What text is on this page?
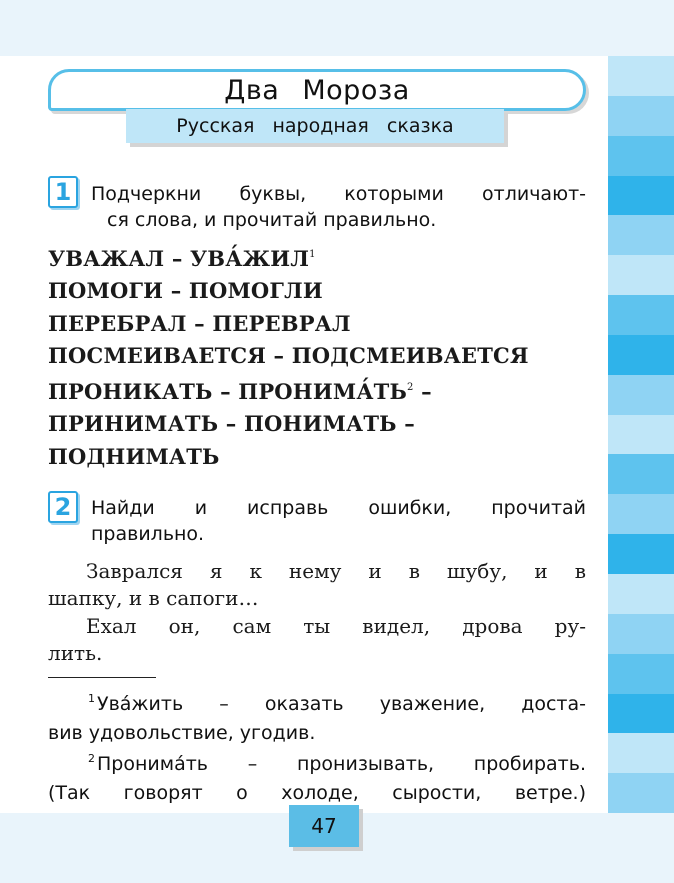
Два Мороза
Русская народная сказка
1	Подчеркни буквы, которыми отличают-
ся слова, и прочитай правильно.
УВАЖАЛ – УВА́ЖИЛ$^1$
ПОМОГИ – ПОМОГЛИ
ПЕРЕБРАЛ – ПЕРЕВРАЛ
ПОСМЕИВАЕТСЯ – ПОДСМЕИВАЕТСЯ
ПРОНИКАТЬ – $ПРОНИМА́ТЬ^2$ –
ПРИНИМАТЬ – ПОНИМАТЬ –
ПОДНИМАТЬ
2	Найди и исправь ошибки, прочитай
правильно.
Заврался я к нему и в шубу, и в
шапку, и в сапоги…
Ехал он, сам ты видел, дрова ру-
лить.
$^1$ Ува́жить – оказать уважение, доста-
вив удовольствие, угодив.
$^2$ Пронима́ть – пронизывать, пробирать.
(Так говорят о холоде, сырости, ветре.)
47
